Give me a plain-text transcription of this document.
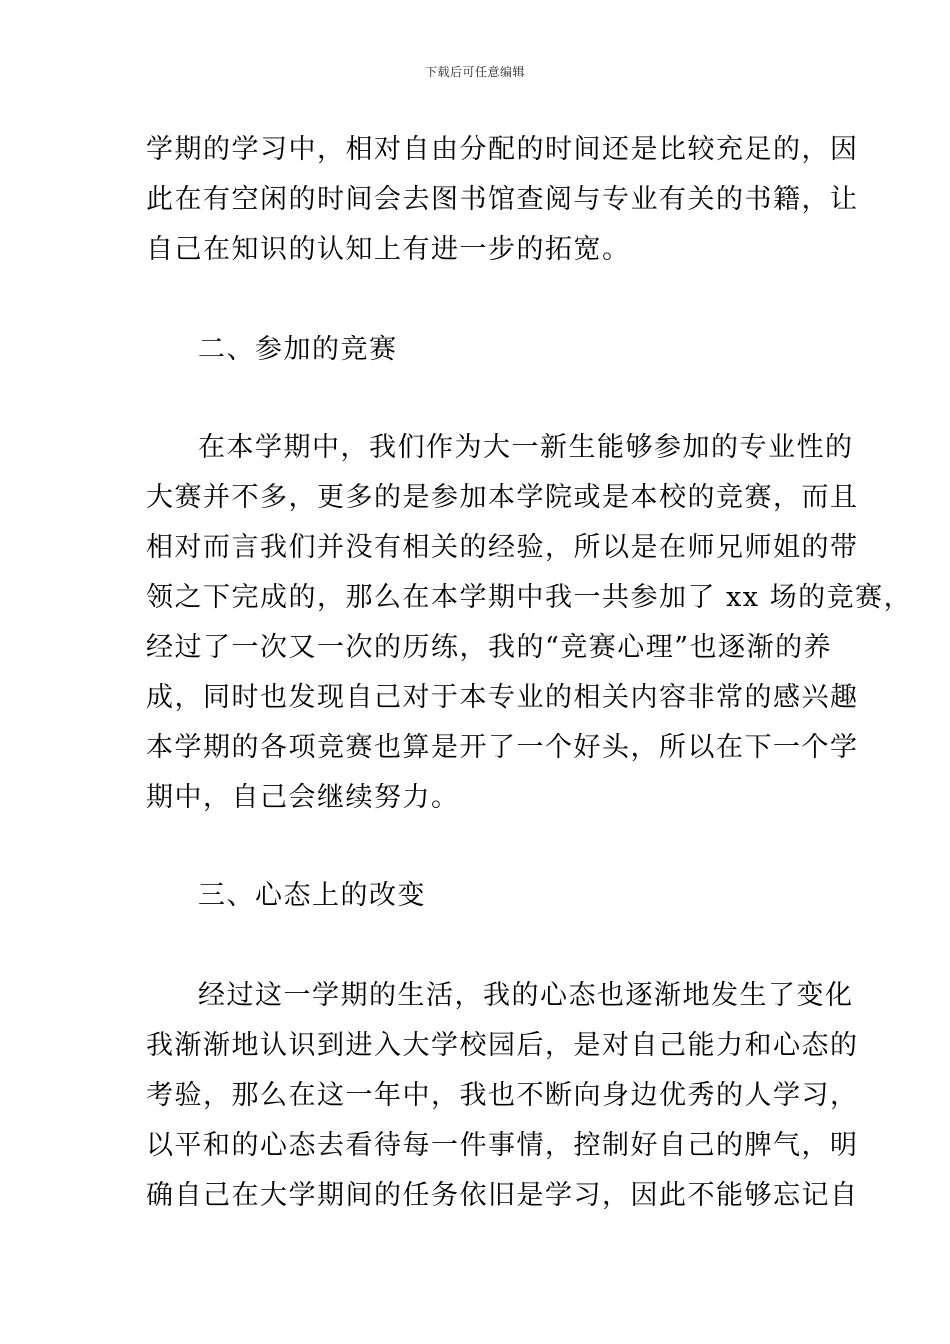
下载后可任意编辑
学期的学习中，相对自由分配的时间还是比较充足的，因
此在有空闲的时间会去图书馆查阅与专业有关的书籍，让
自己在知识的认知上有进一步的拓宽。
二、参加的竞赛
在本学期中，我们作为大一新生能够参加的专业性的
大赛并不多，更多的是参加本学院或是本校的竞赛，而且
相对而言我们并没有相关的经验，所以是在师兄师姐的带
领之下完成的，那么在本学期中我一共参加了 xx 场的竞赛，
经过了一次又一次的历练，我的“竞赛心理”也逐渐的养
成，同时也发现自己对于本专业的相关内容非常的感兴趣
本学期的各项竞赛也算是开了一个好头，所以在下一个学
期中，自己会继续努力。
三、心态上的改变
经过这一学期的生活，我的心态也逐渐地发生了变化
我渐渐地认识到进入大学校园后，是对自己能力和心态的
考验，那么在这一年中，我也不断向身边优秀的人学习，
以平和的心态去看待每一件事情，控制好自己的脾气，明
确自己在大学期间的任务依旧是学习，因此不能够忘记自
